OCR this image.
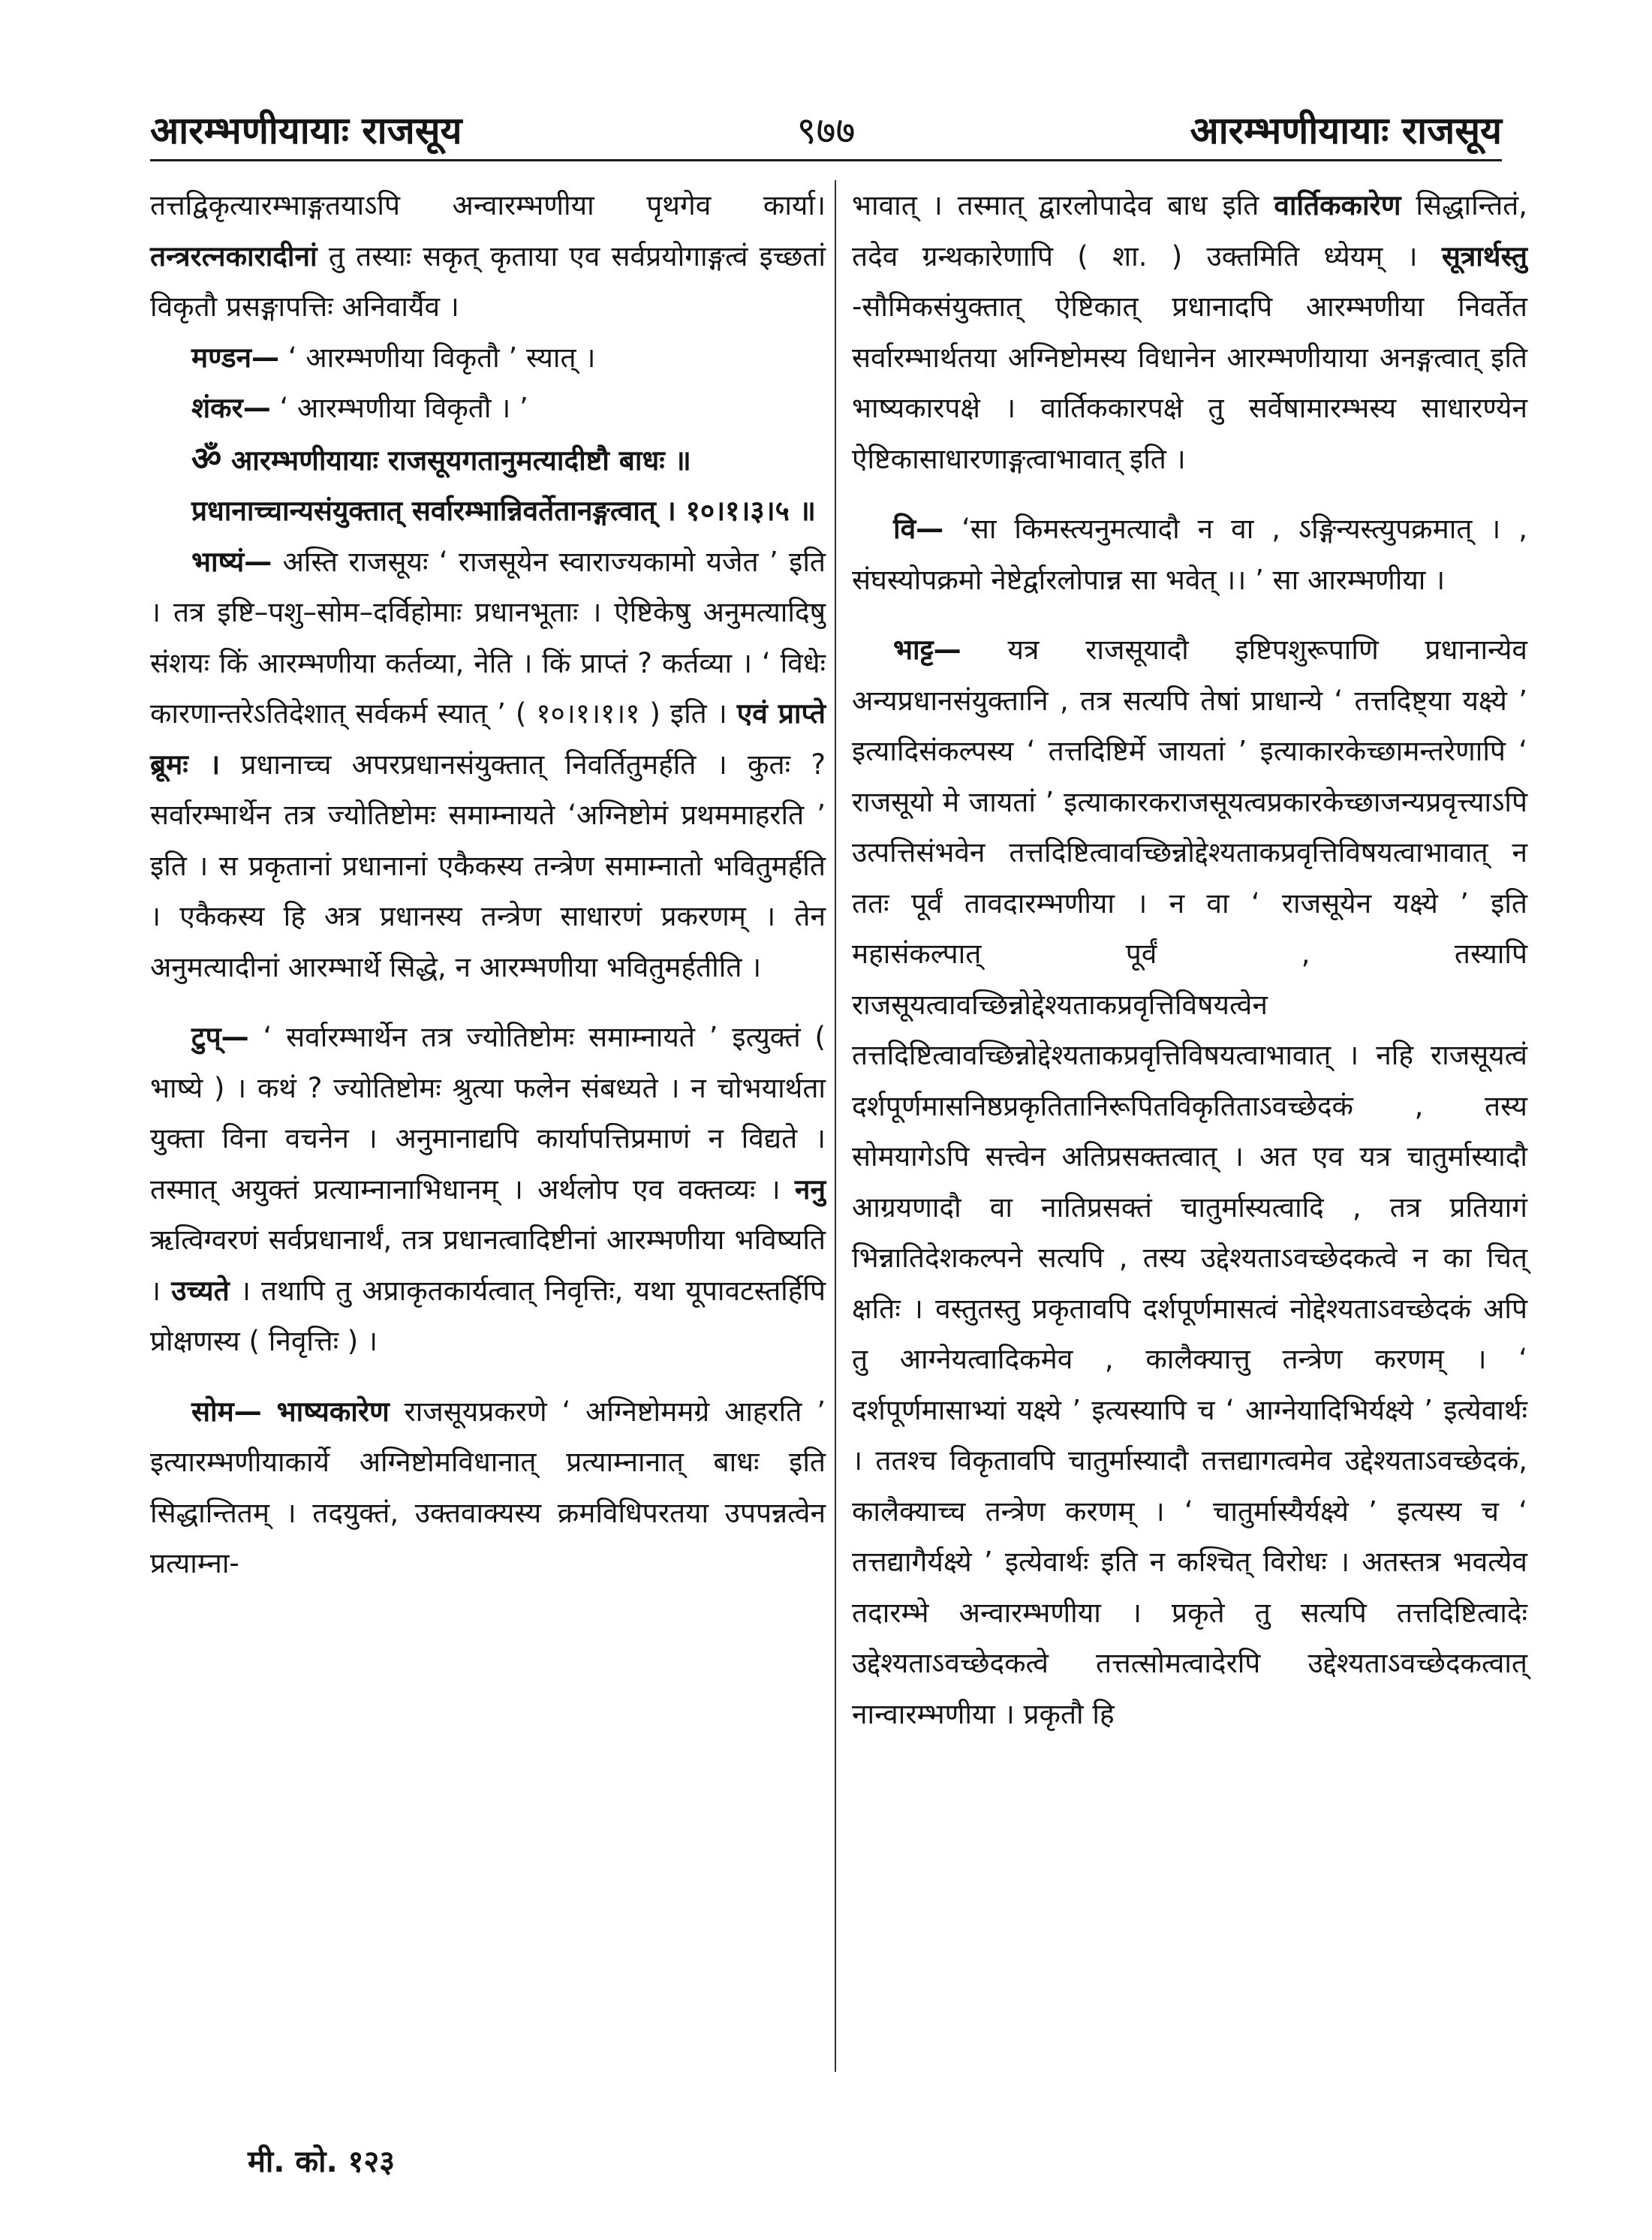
आरम्भणीयायाः राजसूय	९७७	आरम्भणीयायाः राजसूय

तत्तद्विकृत्यारम्भाङ्गतयाऽपि अन्वारम्भणीया पृथगेव कार्या। तन्त्ररत्नकारादीनां तु तस्याः सकृत् कृताया एव सर्वप्रयोगाङ्गत्वं इच्छतां विकृतौ प्रसङ्गापत्तिः अनिवार्यैव ।

मण्डन— ‘ आरम्भणीया विकृतौ ’ स्यात् ।

शंकर— ‘ आरम्भणीया विकृतौ । ’

ॐ आरम्भणीयायाः राजसूयगतानुमत्यादीष्टौ बाधः ॥

प्रधानाच्चान्यसंयुक्तात् सर्वारम्भान्निवर्तेतानङ्गत्वात् । १०।१।३।५ ॥

भाष्यं— अस्ति राजसूयः ‘ राजसूयेन स्वाराज्यकामो यजेत ’ इति । तत्र इष्टि–पशु–सोम–दर्विहोमाः प्रधानभूताः । ऐष्टिकेषु अनुमत्यादिषु संशयः किं आरम्भणीया कर्तव्या, नेति । किं प्राप्तं ? कर्तव्या । ‘ विधेः कारणान्तरेऽतिदेशात् सर्वकर्म स्यात् ’ ( १०।१।१।१ ) इति । एवं प्राप्ते ब्रूमः । प्रधानाच्च अपरप्रधानसंयुक्तात् निवर्तितुमर्हति । कुतः ? सर्वारम्भार्थेन तत्र ज्योतिष्टोमः समाम्नायते ‘अग्निष्टोमं प्रथममाहरति ’ इति । स प्रकृतानां प्रधानानां एकैकस्य तन्त्रेण समाम्नातो भवितुमर्हति । एकैकस्य हि अत्र प्रधानस्य तन्त्रेण साधारणं प्रकरणम् । तेन अनुमत्यादीनां आरम्भार्थे सिद्धे, न आरम्भणीया भवितुमर्हतीति ।

टुप्— ‘ सर्वारम्भार्थेन तत्र ज्योतिष्टोमः समाम्नायते ’ इत्युक्तं ( भाष्ये ) । कथं ? ज्योतिष्टोमः श्रुत्या फलेन संबध्यते । न चोभयार्थता युक्ता विना वचनेन । अनुमानाद्यपि कार्यापत्तिप्रमाणं न विद्यते । तस्मात् अयुक्तं प्रत्याम्नानाभिधानम् । अर्थलोप एव वक्तव्यः । ननु ऋत्विग्वरणं सर्वप्रधानार्थं, तत्र प्रधानत्वादिष्टीनां आरम्भणीया भविष्यति । उच्यते । तथापि तु अप्राकृतकार्यत्वात् निवृत्तिः, यथा यूपावटस्तर्हिपि प्रोक्षणस्य ( निवृत्तिः ) ।

सोम— भाष्यकारेण राजसूयप्रकरणे ‘ अग्निष्टोममग्रे आहरति ’ इत्यारम्भणीयाकार्ये अग्निष्टोमविधानात् प्रत्याम्नानात् बाधः इति सिद्धान्तितम् । तदयुक्तं, उक्तवाक्यस्य क्रमविधिपरतया उपपन्नत्वेन प्रत्याम्ना-

भावात् । तस्मात् द्वारलोपादेव बाध इति वार्तिककारेण सिद्धान्तितं, तदेव ग्रन्थकारेणापि ( शा. ) उक्तमिति ध्येयम् । सूत्रार्थस्तु -सौमिकसंयुक्तात् ऐष्टिकात् प्रधानादपि आरम्भणीया निवर्तेत सर्वारम्भार्थतया अग्निष्टोमस्य विधानेन आरम्भणीयाया अनङ्गत्वात् इति भाष्यकारपक्षे । वार्तिककारपक्षे तु सर्वेषामारम्भस्य साधारण्येन ऐष्टिकासाधारणाङ्गत्वाभावात् इति ।

वि— ‘सा किमस्त्यनुमत्यादौ न वा , ऽङ्गिन्यस्त्युपक्रमात् । , संघस्योपक्रमो नेष्टेर्द्वारलोपान्न सा भवेत् ।। ’ सा आरम्भणीया ।

भाट्ट— यत्र राजसूयादौ इष्टिपशुरूपाणि प्रधानान्येव अन्यप्रधानसंयुक्तानि , तत्र सत्यपि तेषां प्राधान्ये ‘ तत्तदिष्ट्या यक्ष्ये ’ इत्यादिसंकल्पस्य ‘ तत्तदिष्टिर्मे जायतां ’ इत्याकारकेच्छामन्तरेणापि ‘ राजसूयो मे जायतां ’ इत्याकारकराजसूयत्वप्रकारकेच्छाजन्यप्रवृत्त्याऽपि उत्पत्तिसंभवेन तत्तदिष्टित्वावच्छिन्नोद्देश्यताकप्रवृत्तिविषयत्वाभावात् न ततः पूर्वं तावदारम्भणीया । न वा ‘ राजसूयेन यक्ष्ये ’ इति महासंकल्पात् पूर्वं , तस्यापि राजसूयत्वावच्छिन्नोद्देश्यताकप्रवृत्तिविषयत्वेन तत्तदिष्टित्वावच्छिन्नोद्देश्यताकप्रवृत्तिविषयत्वाभावात् । नहि राजसूयत्वं दर्शपूर्णमासनिष्ठप्रकृतितानिरूपितविकृतिताऽवच्छेदकं , तस्य सोमयागेऽपि सत्त्वेन अतिप्रसक्तत्वात् । अत एव यत्र चातुर्मास्यादौ आग्रयणादौ वा नातिप्रसक्तं चातुर्मास्यत्वादि , तत्र प्रतियागं भिन्नातिदेशकल्पने सत्यपि , तस्य उद्देश्यताऽवच्छेदकत्वे न का चित् क्षतिः । वस्तुतस्तु प्रकृतावपि दर्शपूर्णमासत्वं नोद्देश्यताऽवच्छेदकं अपि तु आग्नेयत्वादिकमेव , कालैक्यात्तु तन्त्रेण करणम् । ‘ दर्शपूर्णमासाभ्यां यक्ष्ये ’ इत्यस्यापि च ‘ आग्नेयादिभिर्यक्ष्ये ’ इत्येवार्थः । ततश्च विकृतावपि चातुर्मास्यादौ तत्तद्यागत्वमेव उद्देश्यताऽवच्छेदकं, कालैक्याच्च तन्त्रेण करणम् । ‘ चातुर्मास्यैर्यक्ष्ये ’ इत्यस्य च ‘ तत्तद्यागैर्यक्ष्ये ’ इत्येवार्थः इति न कश्चित् विरोधः । अतस्तत्र भवत्येव तदारम्भे अन्वारम्भणीया । प्रकृते तु सत्यपि तत्तदिष्टित्वादेः उद्देश्यताऽवच्छेदकत्वे तत्तत्सोमत्वादेरपि उद्देश्यताऽवच्छेदकत्वात् नान्वारम्भणीया । प्रकृतौ हि

मी. को. १२३
